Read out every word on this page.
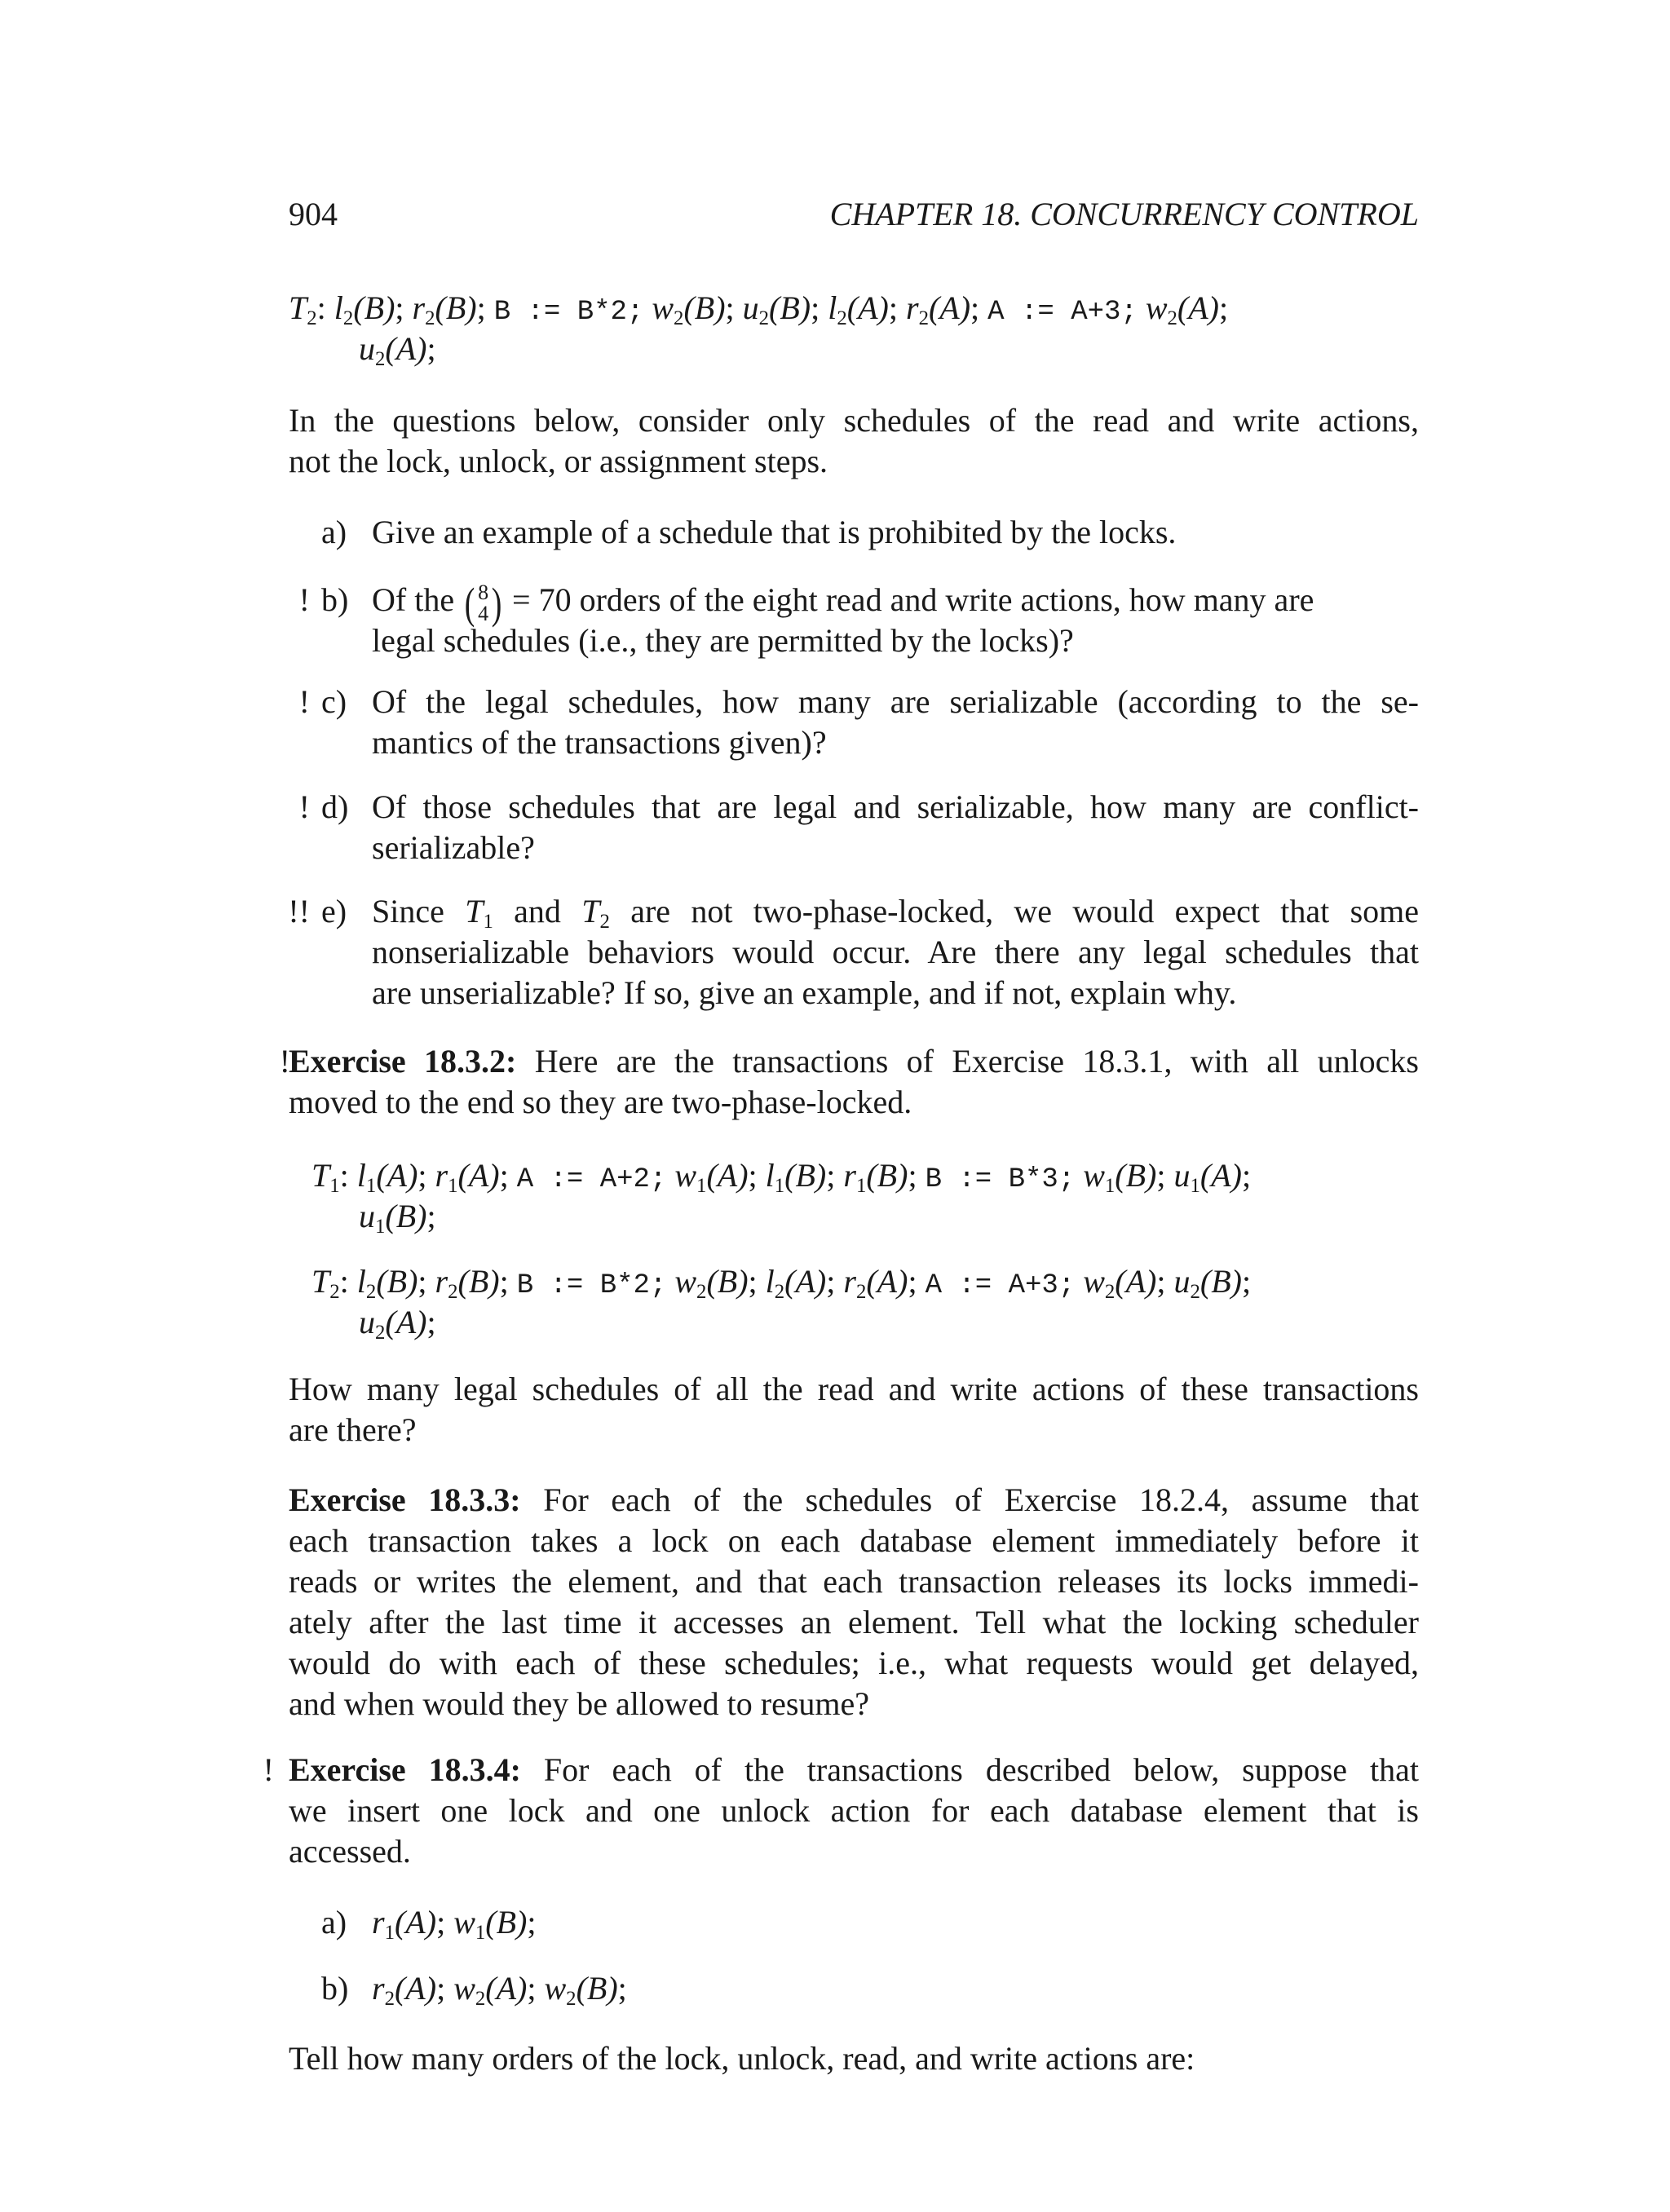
904	CHAPTER 18. CONCURRENCY CONTROL
$T_2$: $l_2(B)$; $r_2(B)$; B := B*2; $w_2(B)$; $u_2(B)$; $l_2(A)$; $r_2(A)$; A := A+3; $w_2(A)$;
$u_2(A)$;
In the questions below, consider only schedules of the read and write actions,
not the lock, unlock, or assignment steps.
a) Give an example of a schedule that is prohibited by the locks.
! b) Of the ( 8
4 ) = 70 orders of the eight read and write actions, how many are
legal schedules (i.e., they are permitted by the locks)?
! c) Of the legal schedules, how many are serializable (according to the se-
mantics of the transactions given)?
! d) Of those schedules that are legal and serializable, how many are conflict-
serializable?
!! e) Since $T_1$ and $T_2$ are not two-phase-locked, we would expect that some
nonserializable behaviors would occur. Are there any legal schedules that
are unserializable? If so, give an example, and if not, explain why.
!
Exercise 18.3.2: Here are the transactions of Exercise 18.3.1, with all unlocks
moved to the end so they are two-phase-locked.
$T_1$: $l_1(A)$; $r_1(A)$; A := A+2; $w_1(A)$; $l_1(B)$; $r_1(B)$; B := B*3; $w_1(B)$; $u_1(A)$;
$u_1(B)$;
$T_2$: $l_2(B)$; $r_2(B)$; B := B*2; $w_2(B)$; $l_2(A)$; $r_2(A)$; A := A+3; $w_2(A)$; $u_2(B)$;
$u_2(A)$;
How many legal schedules of all the read and write actions of these transactions
are there?
Exercise 18.3.3: For each of the schedules of Exercise 18.2.4, assume that
each transaction takes a lock on each database element immediately before it
reads or writes the element, and that each transaction releases its locks immedi-
ately after the last time it accesses an element. Tell what the locking scheduler
would do with each of these schedules; i.e., what requests would get delayed,
and when would they be allowed to resume?
! Exercise 18.3.4: For each of the transactions described below, suppose that
we insert one lock and one unlock action for each database element that is
accessed.
a) $r_1(A)$; $w_1(B)$;
b) $r_2(A)$; $w_2(A)$; $w_2(B)$;
Tell how many orders of the lock, unlock, read, and write actions are:
